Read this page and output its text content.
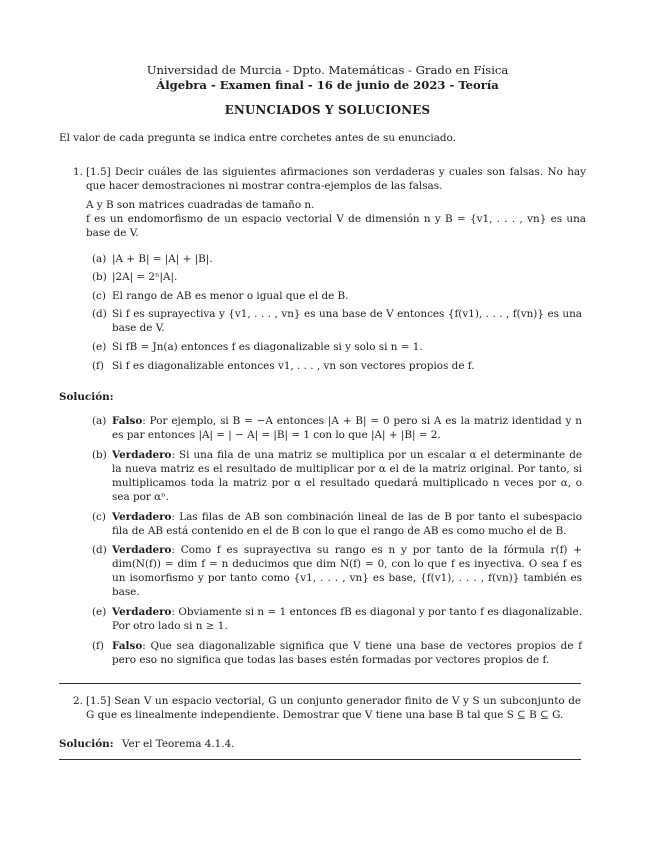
Universidad de Murcia - Dpto. Matemáticas - Grado en Física
Álgebra - Examen final - 16 de junio de 2023 - Teoría
ENUNCIADOS Y SOLUCIONES
El valor de cada pregunta se indica entre corchetes antes de su enunciado.
1. [1.5] Decir cuáles de las siguientes afirmaciones son verdaderas y cuales son falsas. No hay que hacer demostraciones ni mostrar contra-ejemplos de las falsas.
A y B son matrices cuadradas de tamaño n.
f es un endomorfismo de un espacio vectorial V de dimensión n y B = {v1, . . . , vn} es una base de V.
(a) |A + B| = |A| + |B|.
(b) |2A| = 2ⁿ|A|.
(c) El rango de AB es menor o igual que el de B.
(d) Si f es suprayectiva y {v1, . . . , vn} es una base de V entonces {f(v1), . . . , f(vn)} es una base de V.
(e) Si fB = Jn(a) entonces f es diagonalizable si y solo si n = 1.
(f) Si f es diagonalizable entonces v1, . . . , vn son vectores propios de f.
Solución:
(a) Falso: Por ejemplo, si B = −A entonces |A + B| = 0 pero si A es la matriz identidad y n es par entonces |A| = | − A| = |B| = 1 con lo que |A| + |B| = 2.
(b) Verdadero: Si una fila de una matriz se multiplica por un escalar α el determinante de la nueva matriz es el resultado de multiplicar por α el de la matriz original. Por tanto, si multiplicamos toda la matriz por α el resultado quedará multiplicado n veces por α, o sea por αⁿ.
(c) Verdadero: Las filas de AB son combinación lineal de las de B por tanto el subespacio fila de AB está contenido en el de B con lo que el rango de AB es como mucho el de B.
(d) Verdadero: Como f es suprayectiva su rango es n y por tanto de la fórmula r(f) + dim(N(f)) = dim f = n deducimos que dim N(f) = 0, con lo que f es inyectiva. O sea f es un isomorfismo y por tanto como {v1, . . . , vn} es base, {f(v1), . . . , f(vn)} también es base.
(e) Verdadero: Obviamente si n = 1 entonces fB es diagonal y por tanto f es diagonalizable. Por otro lado si n ≥ 1.
(f) Falso: Que sea diagonalizable significa que V tiene una base de vectores propios de f pero eso no significa que todas las bases estén formadas por vectores propios de f.
2. [1.5] Sean V un espacio vectorial, G un conjunto generador finito de V y S un subconjunto de G que es linealmente independiente. Demostrar que V tiene una base B tal que S ⊆ B ⊆ G.
Solución: Ver el Teorema 4.1.4.
